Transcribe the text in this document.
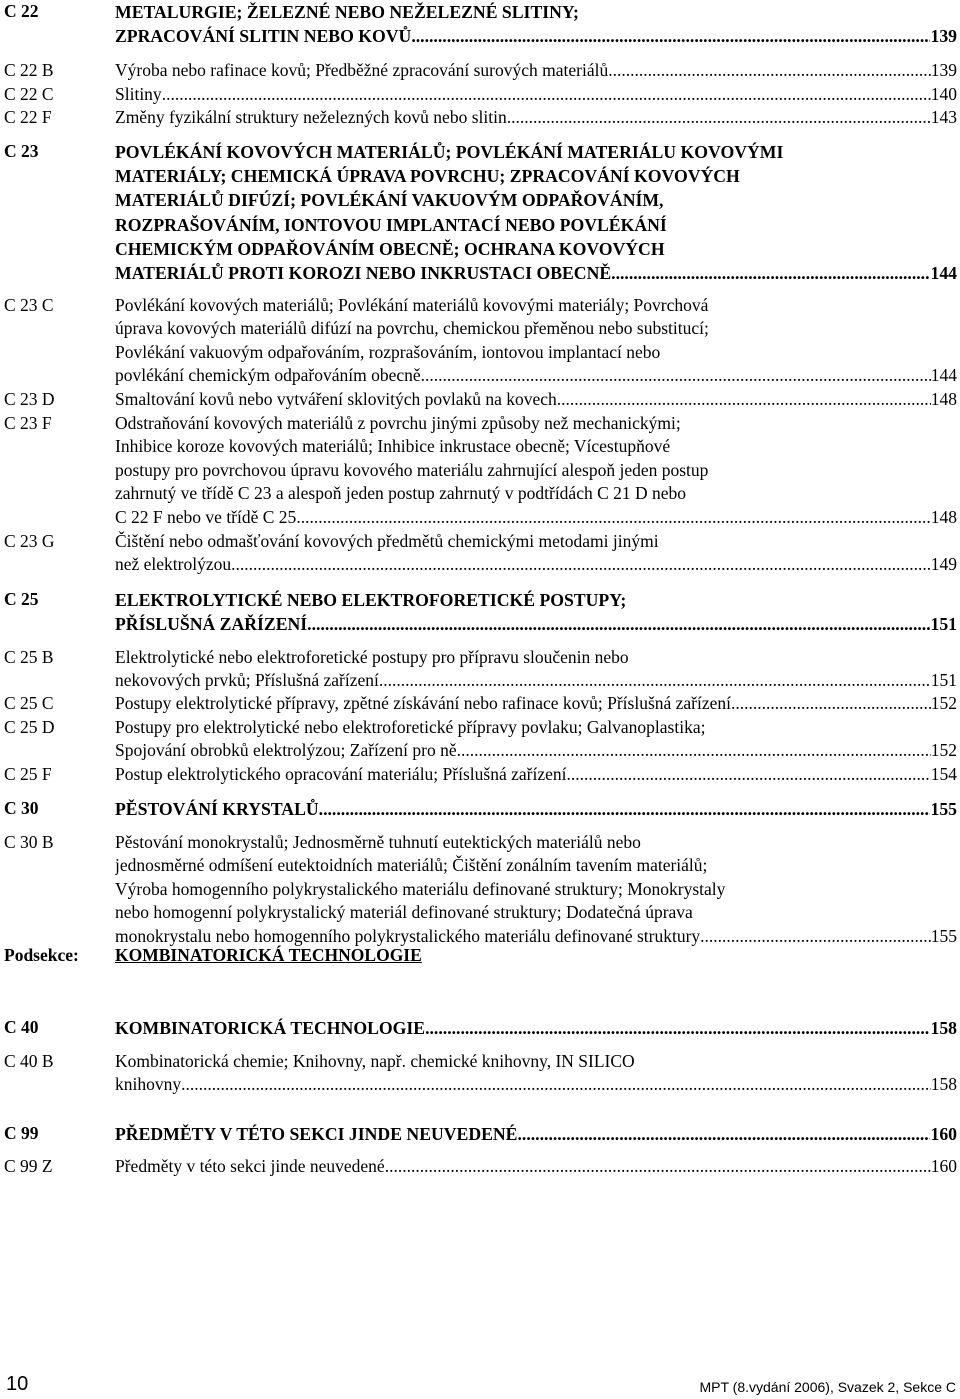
C 22	METALURGIE; ŽELEZNÉ NEBO NEŽELEZNÉ SLITINY;
ZPRACOVÁNÍ SLITIN NEBO KOVŮ .....	139
C 22 B	Výroba nebo rafinace kovů; Předběžné zpracování surových materiálů .....	139
C 22 C	Slitiny .....	140
C 22 F	Změny fyzikální struktury neželezných kovů nebo slitin .....	143
C 23	POVLÉKÁNÍ KOVOVÝCH MATERIÁLŮ; POVLÉKÁNÍ MATERIÁLU KOVOVÝMI
MATERIÁLY; CHEMICKÁ ÚPRAVA POVRCHU; ZPRACOVÁNÍ KOVOVÝCH
MATERIÁLŮ DIFÚZÍ; POVLÉKÁNÍ VAKUOVÝM ODPAŘOVÁNÍM,
ROZPRAŠOVÁNÍM, IONTOVOU IMPLANTACÍ NEBO POVLÉKÁNÍ
CHEMICKÝM ODPAŘOVÁNÍM OBECNĚ; OCHRANA KOVOVÝCH
MATERIÁLŮ PROTI KOROZI NEBO INKRUSTACI OBECNĚ .....	144
C 23 C	Povlékání kovových materiálů; Povlékání materiálů kovovými materiály; Povrchová
úprava kovových materiálů difúzí na povrchu, chemickou přeměnou nebo substitucí;
Povlékání vakuovým odpařováním, rozprašováním, iontovou implantací nebo
povlékání chemickým odpařováním obecně .....	144
C 23 D	Smaltování kovů nebo vytváření sklovitých povlaků na kovech .....	148
C 23 F	Odstraňování kovových materiálů z povrchu jinými způsoby než mechanickými;
Inhibice koroze kovových materiálů; Inhibice inkrustace obecně; Vícestupňové
postupy pro povrchovou úpravu kovového materiálu zahrnující alespoň jeden postup
zahrnutý ve třídě C 23 a alespoň jeden postup zahrnutý v podtřídách C 21 D nebo
C 22 F nebo ve třídě C 25 .....	148
C 23 G	Čištění nebo odmašťování kovových předmětů chemickými metodami jinými
než elektrolýzou .....	149
C 25	ELEKTROLYTICKÉ NEBO ELEKTROFORETICKÉ POSTUPY;
PŘÍSLUŠNÁ ZAŘÍZENÍ .....	151
C 25 B	Elektrolytické nebo elektroforetické postupy pro přípravu sloučenin nebo
nekovových prvků; Příslušná zařízení .....	151
C 25 C	Postupy elektrolytické přípravy, zpětné získávání nebo rafinace kovů; Příslušná zařízení .....	152
C 25 D	Postupy pro elektrolytické nebo elektroforetické přípravy povlaku; Galvanoplastika;
Spojování obrobků elektrolýzou; Zařízení pro ně .....	152
C 25 F	Postup elektrolytického opracování materiálu; Příslušná zařízení .....	154
C 30	PĚSTOVÁNÍ KRYSTALŮ .....	155
C 30 B	Pěstování monokrystalů; Jednosměrně tuhnutí eutektických materiálů nebo
jednosměrné odmíšení eutektoidních materiálů; Čištění zonálním tavením materiálů;
Výroba homogenního polykrystalického materiálu definované struktury; Monokrystaly
nebo homogenní polykrystalický materiál definované struktury; Dodatečná úprava
monokrystalu nebo homogenního polykrystalického materiálu definované struktury .....	155
Podsekce: KOMBINATORICKÁ TECHNOLOGIE
C 40	KOMBINATORICKÁ TECHNOLOGIE .....	158
C 40 B	Kombinatorická chemie; Knihovny, např. chemické knihovny, IN SILICO
knihovny .....	158
C 99	PŘEDMĚTY V TÉTO SEKCI JINDE NEUVEDENÉ .....	160
C 99 Z	Předměty v této sekci jinde neuvedené .....	160
10	MPT (8.vydání 2006), Svazek 2, Sekce C
